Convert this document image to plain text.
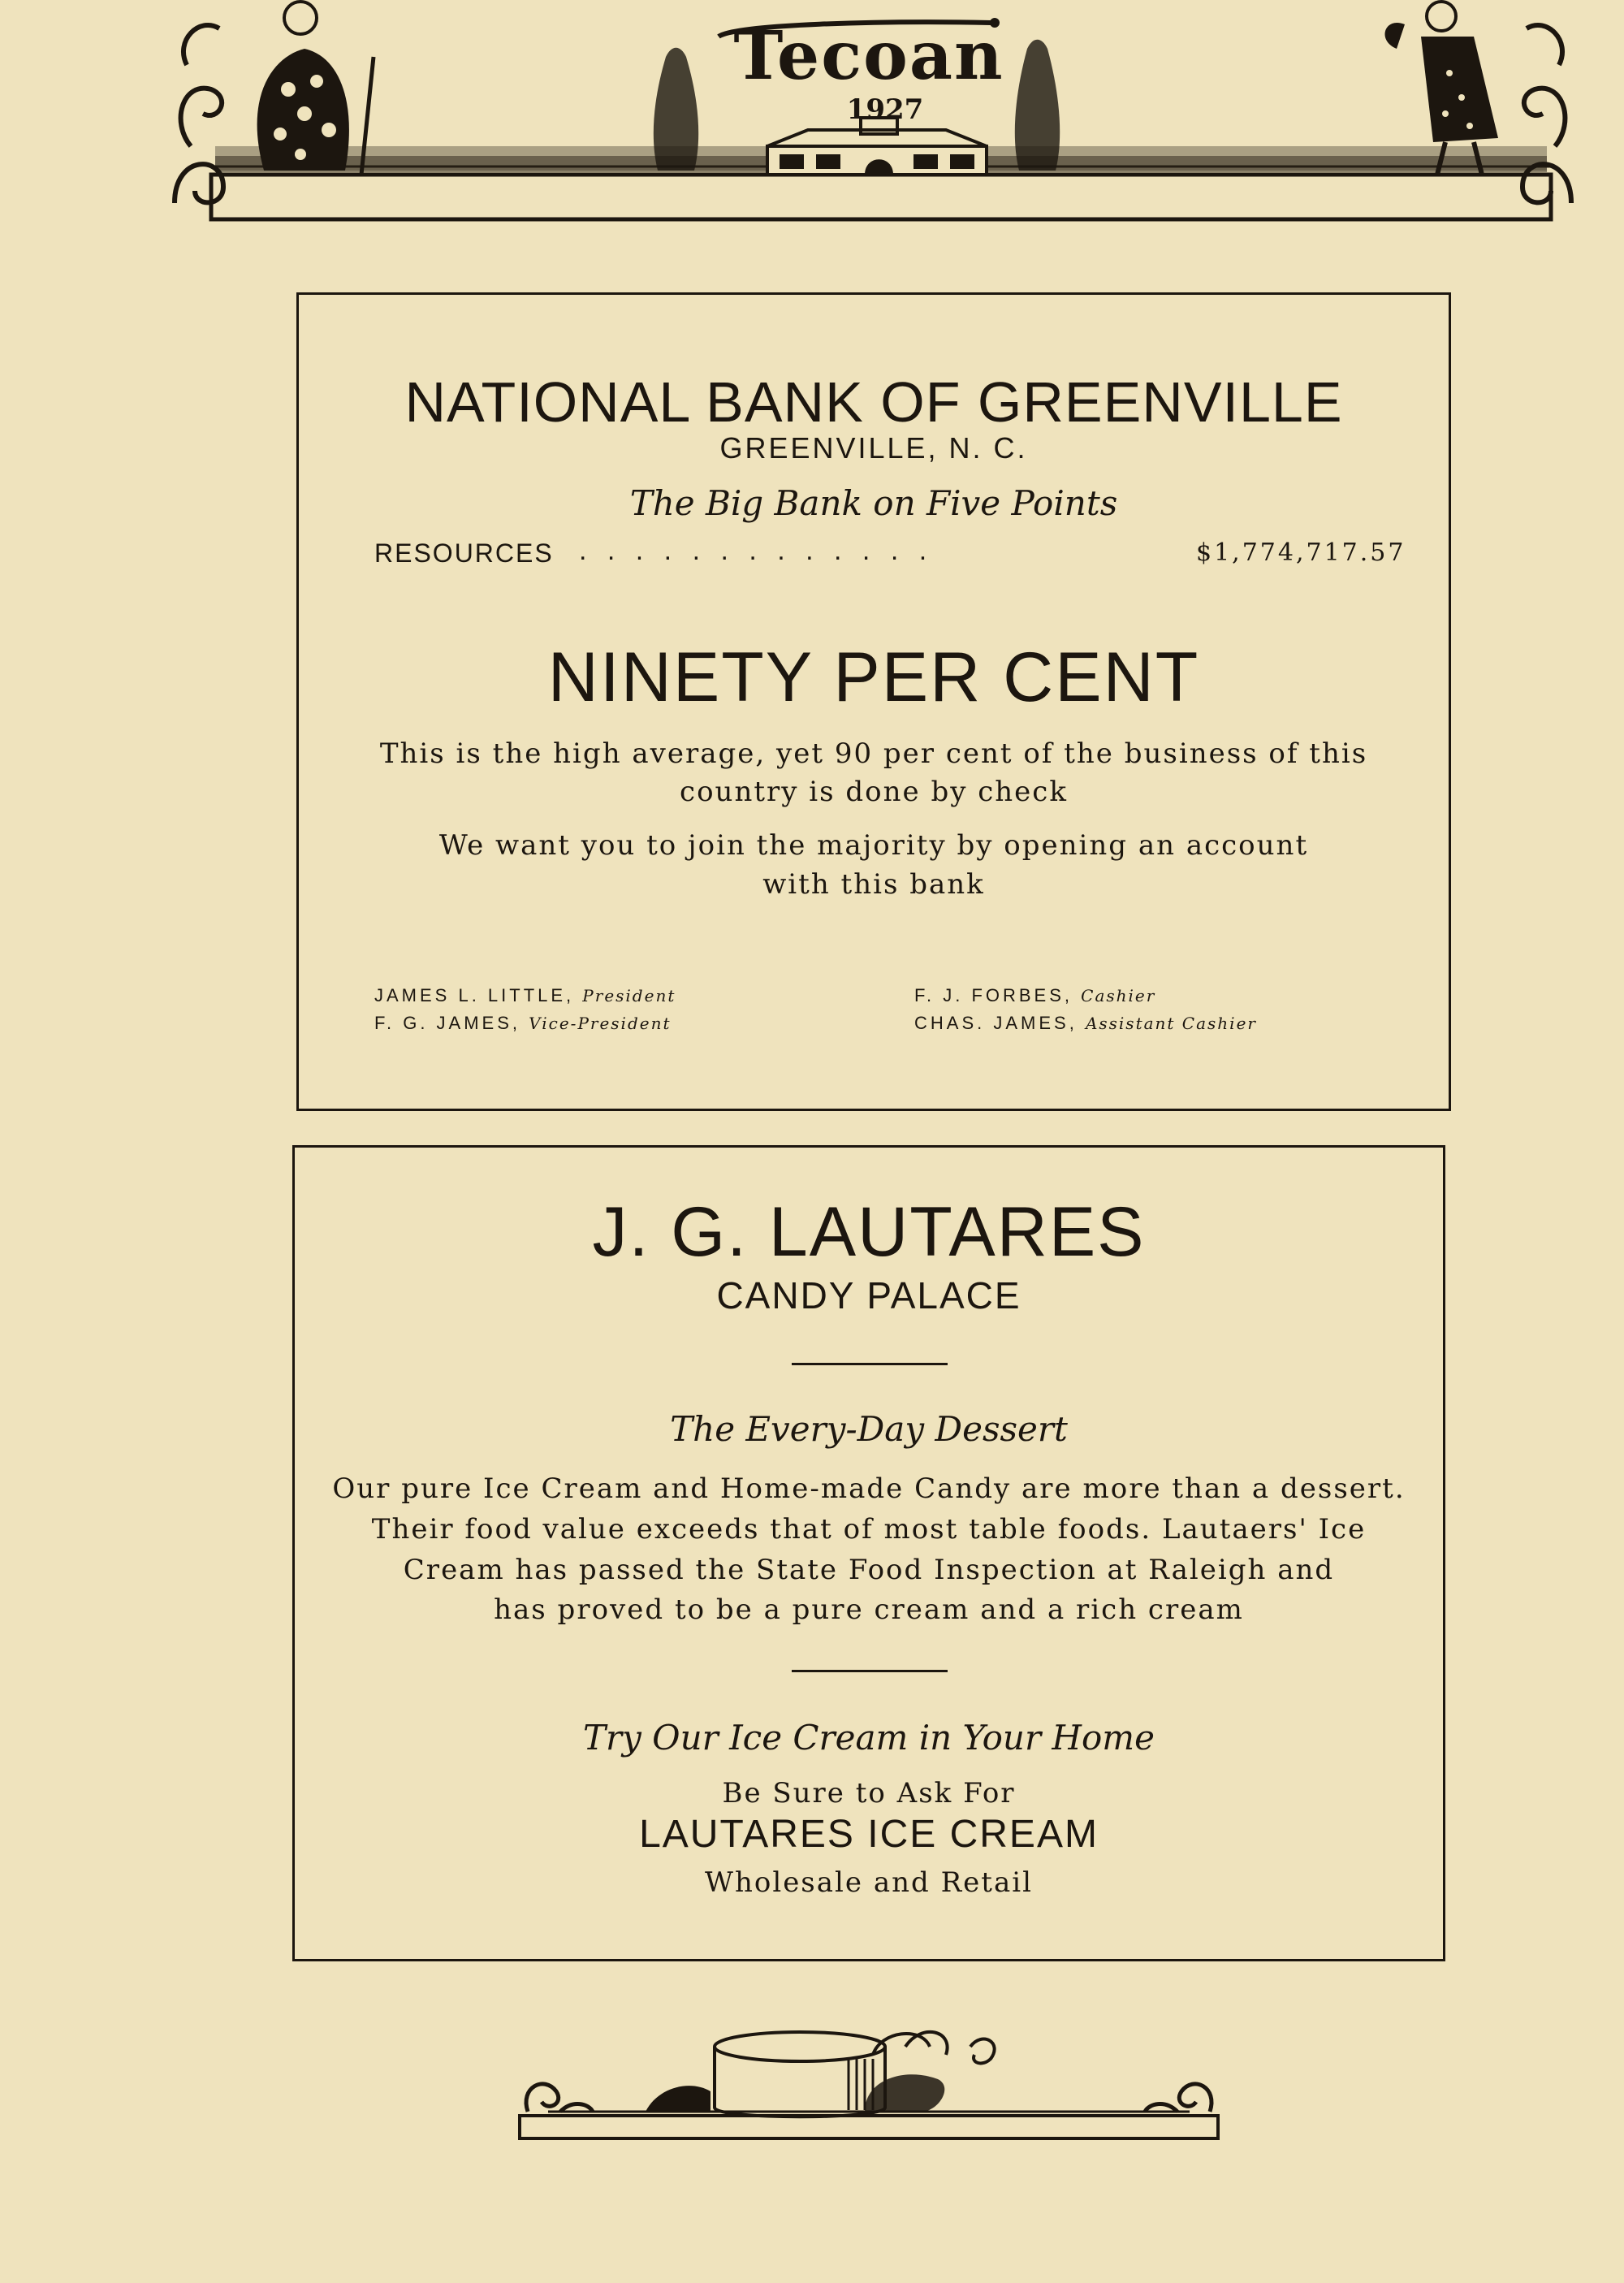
Tecoan
1927
NATIONAL BANK OF GREENVILLE
GREENVILLE, N. C.
The Big Bank on Five Points
RESOURCES . . . . . . . . . . . . .	$1,774,717.57
NINETY PER CENT
This is the high average, yet 90 per cent of the business of this
country is done by check
We want you to join the majority by opening an account
with this bank
JAMES L. LITTLE, President
F. G. JAMES, Vice-President
F. J. FORBES, Cashier
CHAS. JAMES, Assistant Cashier
J. G. LAUTARES
CANDY PALACE
The Every-Day Dessert
Our pure Ice Cream and Home-made Candy are more than a dessert.
Their food value exceeds that of most table foods. Lautaers' Ice
Cream has passed the State Food Inspection at Raleigh and
has proved to be a pure cream and a rich cream
Try Our Ice Cream in Your Home
Be Sure to Ask For
LAUTARES ICE CREAM
Wholesale and Retail
